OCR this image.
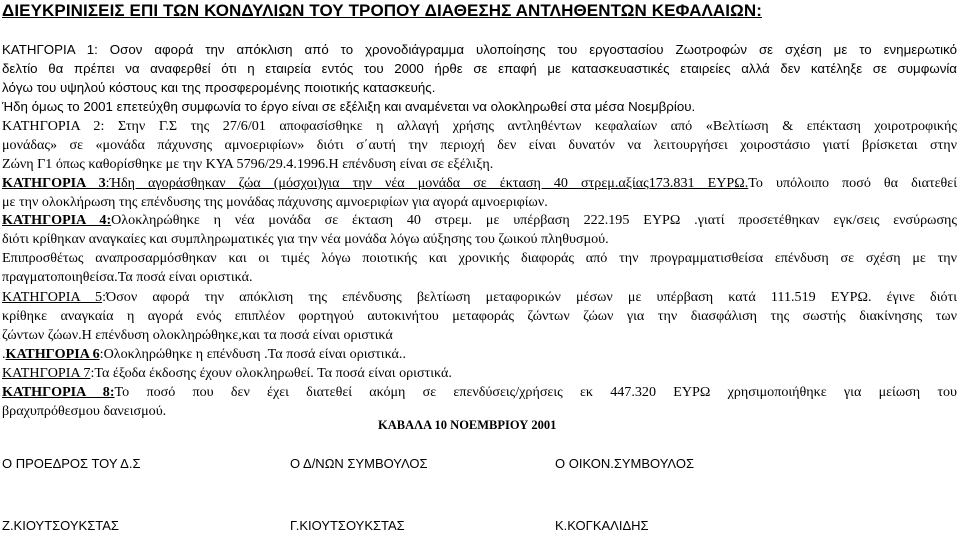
ΔΙΕΥΚΡΙΝΙΣΕΙΣ ΕΠΙ ΤΩΝ ΚΟΝΔΥΛΙΩΝ ΤΟΥ ΤΡΟΠΟΥ ΔΙΑΘΕΣΗΣ ΑΝΤΛΗΘΕΝΤΩΝ ΚΕΦΑΛΑΙΩΝ:
ΚΑΤΗΓΟΡΙΑ 1: Οσον αφορά την απόκλιση από το χρονοδιάγραμμα υλοποίησης του εργοστασίου Ζωοτροφών σε σχέση με το ενημερωτικό
δελτίο θα πρέπει να αναφερθεί ότι η εταιρεία εντός του 2000 ήρθε σε επαφή με κατασκευαστικές εταιρείες αλλά δεν κατέληξε σε συμφωνία
λόγω του υψηλού κόστους και της προσφερομένης ποιοτικής κατασκευής.
Ήδη όμως το 2001 επετεύχθη συμφωνία το έργο είναι σε εξέλιξη και αναμένεται να ολοκληρωθεί στα μέσα Νοεμβρίου.
ΚΑΤΗΓΟΡΙΑ 2: Στην Γ.Σ της 27/6/01 αποφασίσθηκε η αλλαγή χρήσης αντληθέντων κεφαλαίων από «Βελτίωση & επέκταση χοιροτροφικής
μονάδας» σε «μονάδα πάχυνσης αμνοεριφίων» διότι σ΄αυτή την περιοχή δεν είναι δυνατόν να λειτουργήσει χοιροστάσιο γιατί βρίσκεται στην
Ζώνη Γ1 όπως καθορίσθηκε με την ΚΥΑ 5796/29.4.1996.Η επένδυση είναι σε εξέλιξη.
ΚΑΤΗΓΟΡΙΑ 3:Ήδη αγοράσθηκαν ζώα (μόσχοι)για την νέα μονάδα σε έκταση 40 στρεμ.αξίας173.831 ΕΥΡΩ.Το υπόλοιπο ποσό θα διατεθεί
με την ολοκλήρωση της επένδυσης της μονάδας πάχυνσης αμνοεριφίων για αγορά αμνοεριφίων.
ΚΑΤΗΓΟΡΙΑ 4:Ολοκληρώθηκε η νέα μονάδα σε έκταση 40 στρεμ. με υπέρβαση 222.195 ΕΥΡΩ .γιατί προσετέθηκαν εγκ/σεις ενσύρωσης
διότι κρίθηκαν αναγκαίες και συμπληρωματικές για την νέα μονάδα λόγω αύξησης του ζωικού πληθυσμού.
Επιπροσθέτως αναπροσαρμόσθηκαν και οι τιμές λόγω ποιοτικής και χρονικής διαφοράς από την προγραμματισθείσα επένδυση σε σχέση με την
πραγματοποιηθείσα.Τα ποσά είναι οριστικά.
ΚΑΤΗΓΟΡΙΑ 5:Όσον αφορά την απόκλιση της επένδυσης βελτίωση μεταφορικών μέσων με υπέρβαση κατά 111.519 ΕΥΡΩ. έγινε διότι
κρίθηκε αναγκαία η αγορά ενός επιπλέον φορτηγού αυτοκινήτου μεταφοράς ζώντων ζώων για την διασφάλιση της σωστής διακίνησης των
ζώντων ζώων.Η επένδυση ολοκληρώθηκε,και τα ποσά είναι οριστικά
.ΚΑΤΗΓΟΡΙΑ 6:Ολοκληρώθηκε η επένδυση .Τα ποσά είναι οριστικά..
ΚΑΤΗΓΟΡΙΑ 7:Τα έξοδα έκδοσης έχουν ολοκληρωθεί. Τα ποσά είναι οριστικά.
ΚΑΤΗΓΟΡΙΑ 8:Το ποσό που δεν έχει διατεθεί ακόμη σε επενδύσεις/χρήσεις εκ 447.320 ΕΥΡΩ χρησιμοποιήθηκε για μείωση του
βραχυπρόθεσμου δανεισμού.
ΚΑΒΑΛΑ 10 ΝΟΕΜΒΡΙΟΥ 2001
Ο ΠΡΟΕΔΡΟΣ ΤΟΥ Δ.Σ	Ο Δ/ΝΩΝ ΣΥΜΒΟΥΛΟΣ	Ο ΟΙΚΟΝ.ΣΥΜΒΟΥΛΟΣ
Ζ.ΚΙΟΥΤΣΟΥΚΣΤΑΣ	Γ.ΚΙΟΥΤΣΟΥΚΣΤΑΣ	Κ.ΚΟΓΚΑΛΙΔΗΣ
